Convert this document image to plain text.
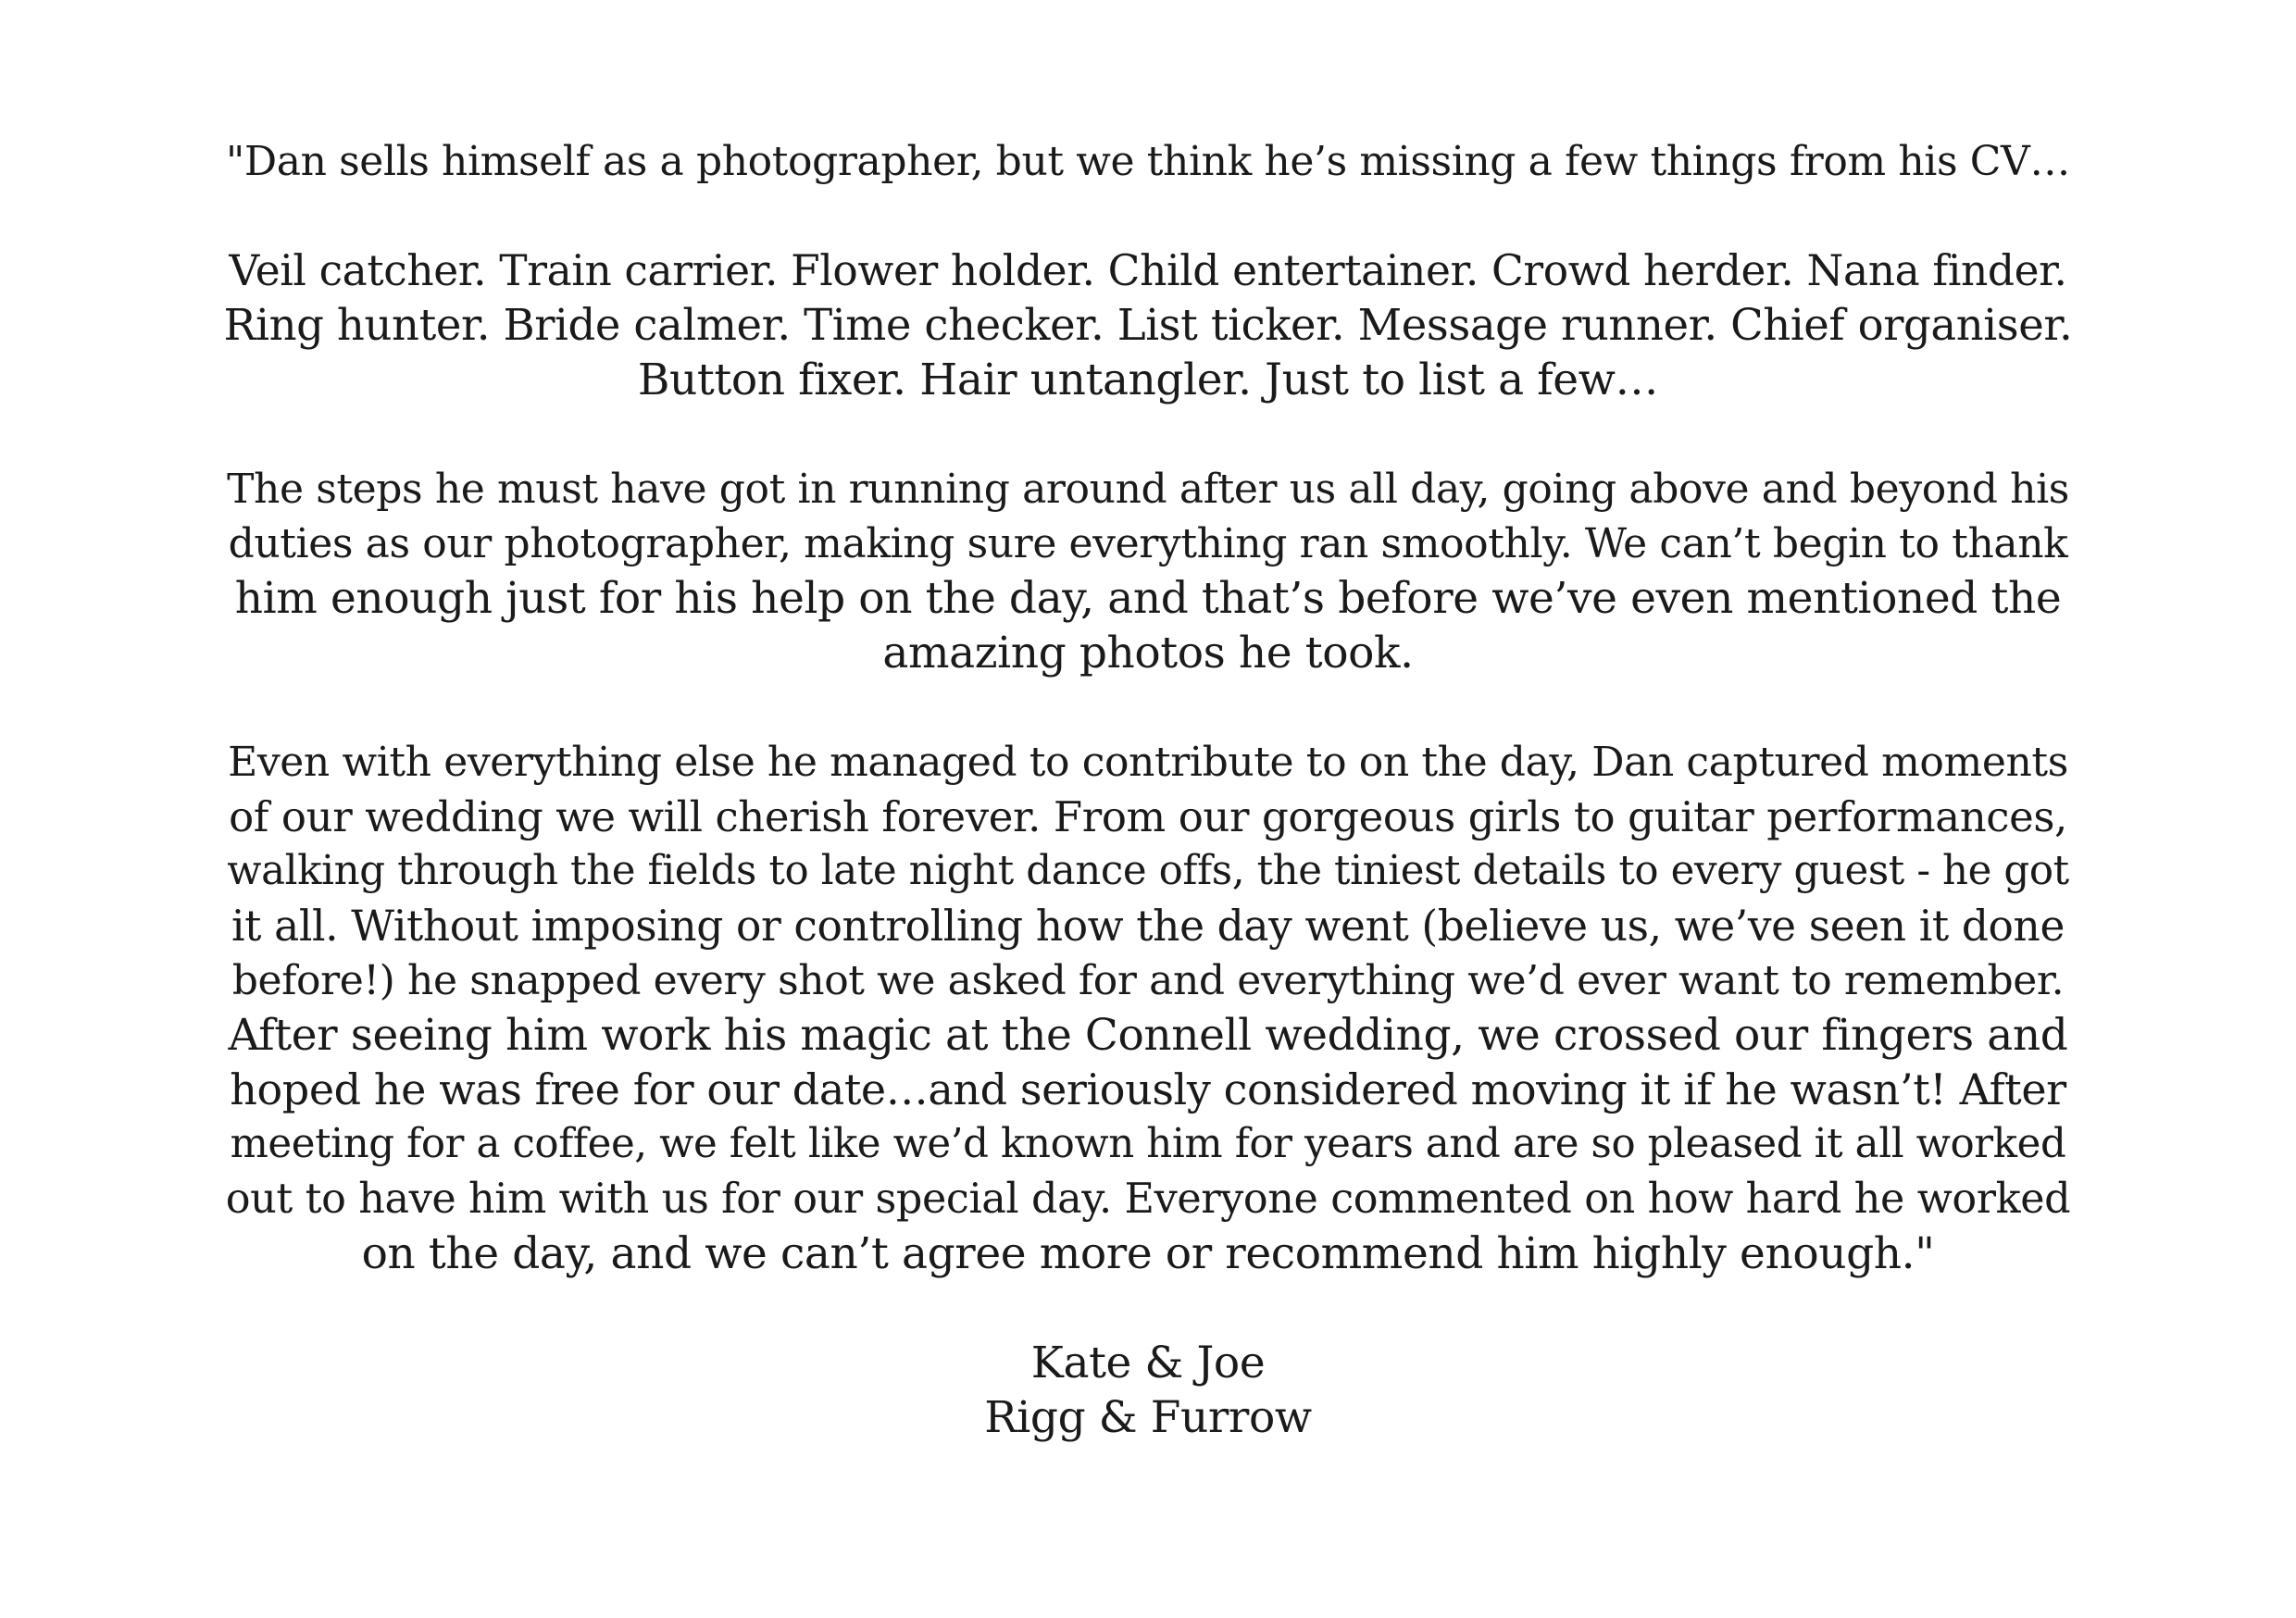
"Dan sells himself as a photographer, but we think he’s missing a few things from his CV…
Veil catcher. Train carrier. Flower holder. Child entertainer. Crowd herder. Nana finder.
Ring hunter. Bride calmer. Time checker. List ticker. Message runner. Chief organiser.
Button fixer. Hair untangler. Just to list a few…
The steps he must have got in running around after us all day, going above and beyond his
duties as our photographer, making sure everything ran smoothly. We can’t begin to thank
him enough just for his help on the day, and that’s before we’ve even mentioned the
amazing photos he took.
Even with everything else he managed to contribute to on the day, Dan captured moments
of our wedding we will cherish forever. From our gorgeous girls to guitar performances,
walking through the fields to late night dance offs, the tiniest details to every guest - he got
it all. Without imposing or controlling how the day went (believe us, we’ve seen it done
before!) he snapped every shot we asked for and everything we’d ever want to remember.
After seeing him work his magic at the Connell wedding, we crossed our fingers and
hoped he was free for our date…and seriously considered moving it if he wasn’t! After
meeting for a coffee, we felt like we’d known him for years and are so pleased it all worked
out to have him with us for our special day. Everyone commented on how hard he worked
on the day, and we can’t agree more or recommend him highly enough."
Kate & Joe
Rigg & Furrow
